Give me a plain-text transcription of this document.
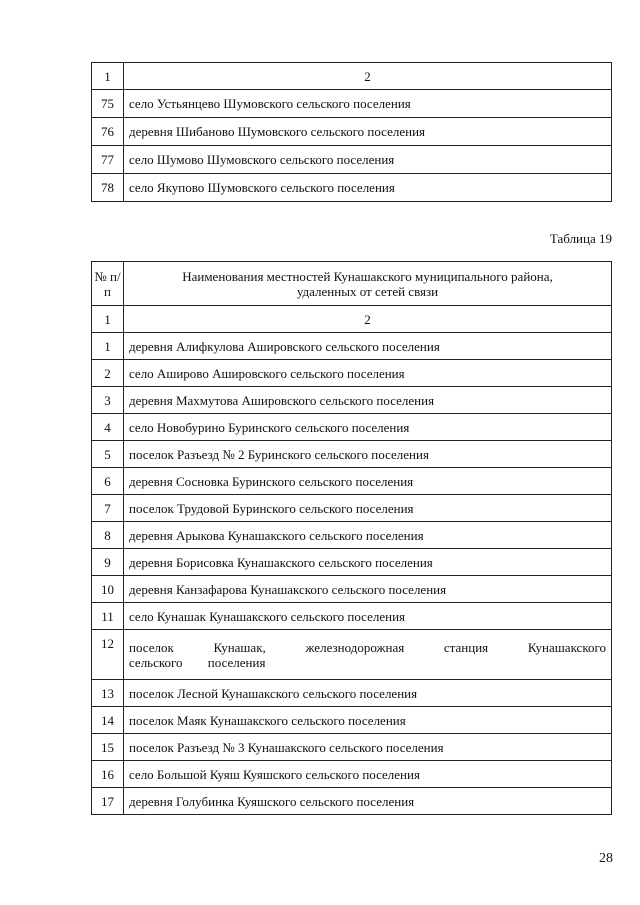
1	2
75	село Устьянцево Шумовского сельского поселения
76	деревня Шибаново Шумовского сельского поселения
77	село Шумово Шумовского сельского поселения
78	село Якупово Шумовского сельского поселения
Таблица 19
№ п/п	Наименования местностей Кунашакского муниципального района, удаленных от сетей связи
1	2
1	деревня Алифкулова Ашировского сельского поселения
2	село Аширово Ашировского сельского поселения
3	деревня Махмутова Ашировского сельского поселения
4	село Новобурино Буринского сельского поселения
5	поселок Разъезд № 2 Буринского сельского поселения
6	деревня Сосновка Буринского сельского поселения
7	поселок Трудовой Буринского сельского поселения
8	деревня Арыкова Кунашакского сельского поселения
9	деревня Борисовка Кунашакского сельского поселения
10	деревня Канзафарова Кунашакского сельского поселения
11	село Кунашак Кунашакского сельского поселения
12	поселок Кунашак, железнодорожная станция Кунашакского сельского поселения
13	поселок Лесной Кунашакского сельского поселения
14	поселок Маяк Кунашакского сельского поселения
15	поселок Разъезд № 3 Кунашакского сельского поселения
16	село Большой Куяш Куяшского сельского поселения
17	деревня Голубинка Куяшского сельского поселения
28
